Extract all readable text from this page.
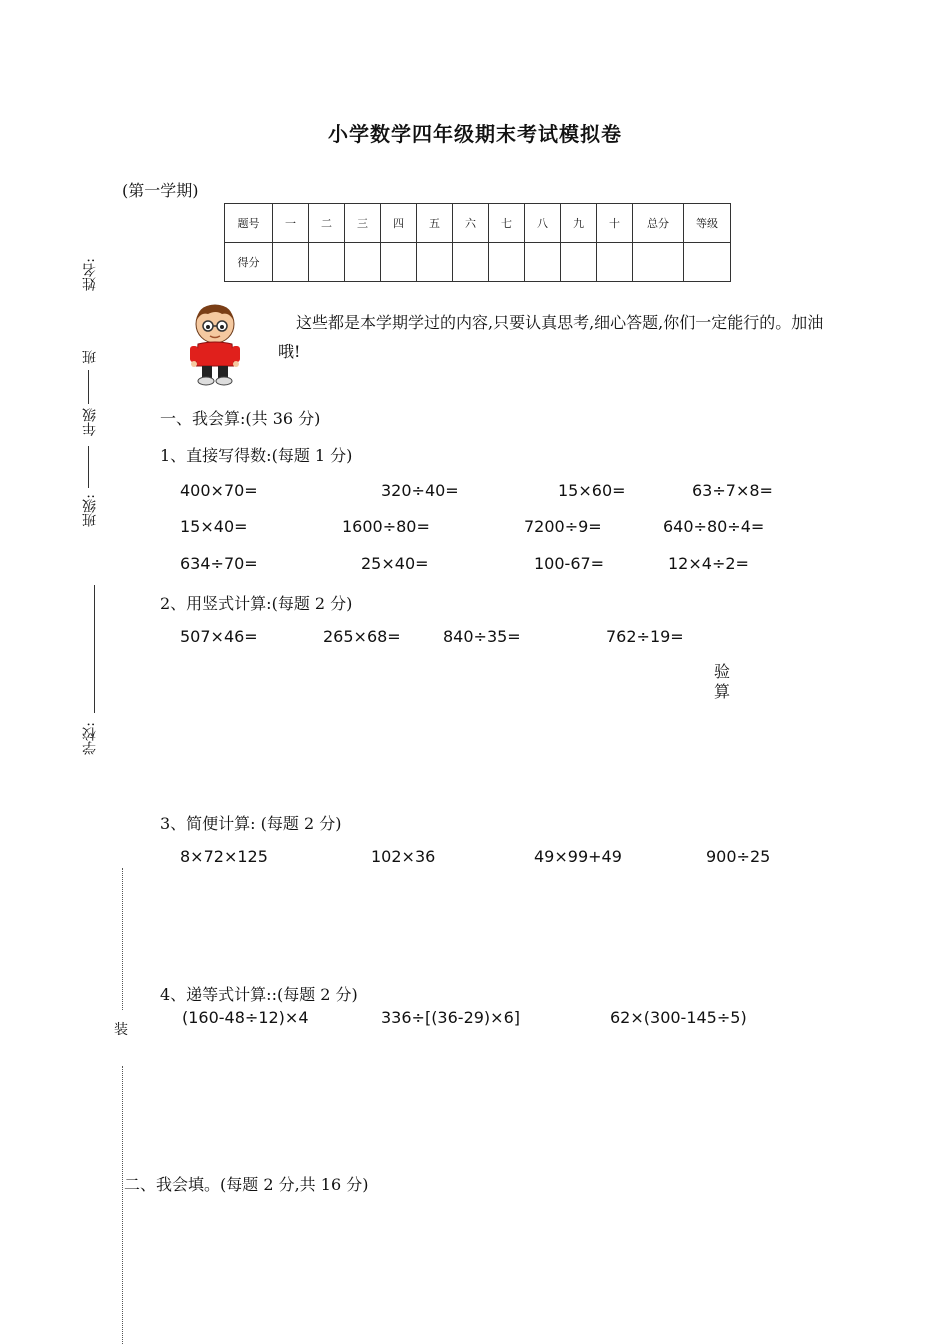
小学数学四年级期末考试模拟卷
(第一学期)
题号	一	二	三	四	五	六	七	八	九	十	总分	等级
得分												
姓名:
班
年级
班级:
学校:
装
这些都是本学期学过的内容,只要认真思考,细心答题,你们一定能行的。加油哦!
一、我会算:(共 36 分)
1、直接写得数:(每题 1 分)
400×70=	320÷40=	15×60=	63÷7×8=
15×40=	1600÷80=	7200÷9=	640÷80÷4=
634÷70=	25×40=	100-67=	12×4÷2=
2、用竖式计算:(每题 2 分)
507×46=	265×68=	840÷35=	762÷19=
验算
3、简便计算: (每题 2 分)
8×72×125	102×36	49×99+49	900÷25
4、递等式计算::(每题 2 分)
(160-48÷12)×4	336÷[(36-29)×6]	62×(300-145÷5)
二、我会填。(每题 2 分,共 16 分)
